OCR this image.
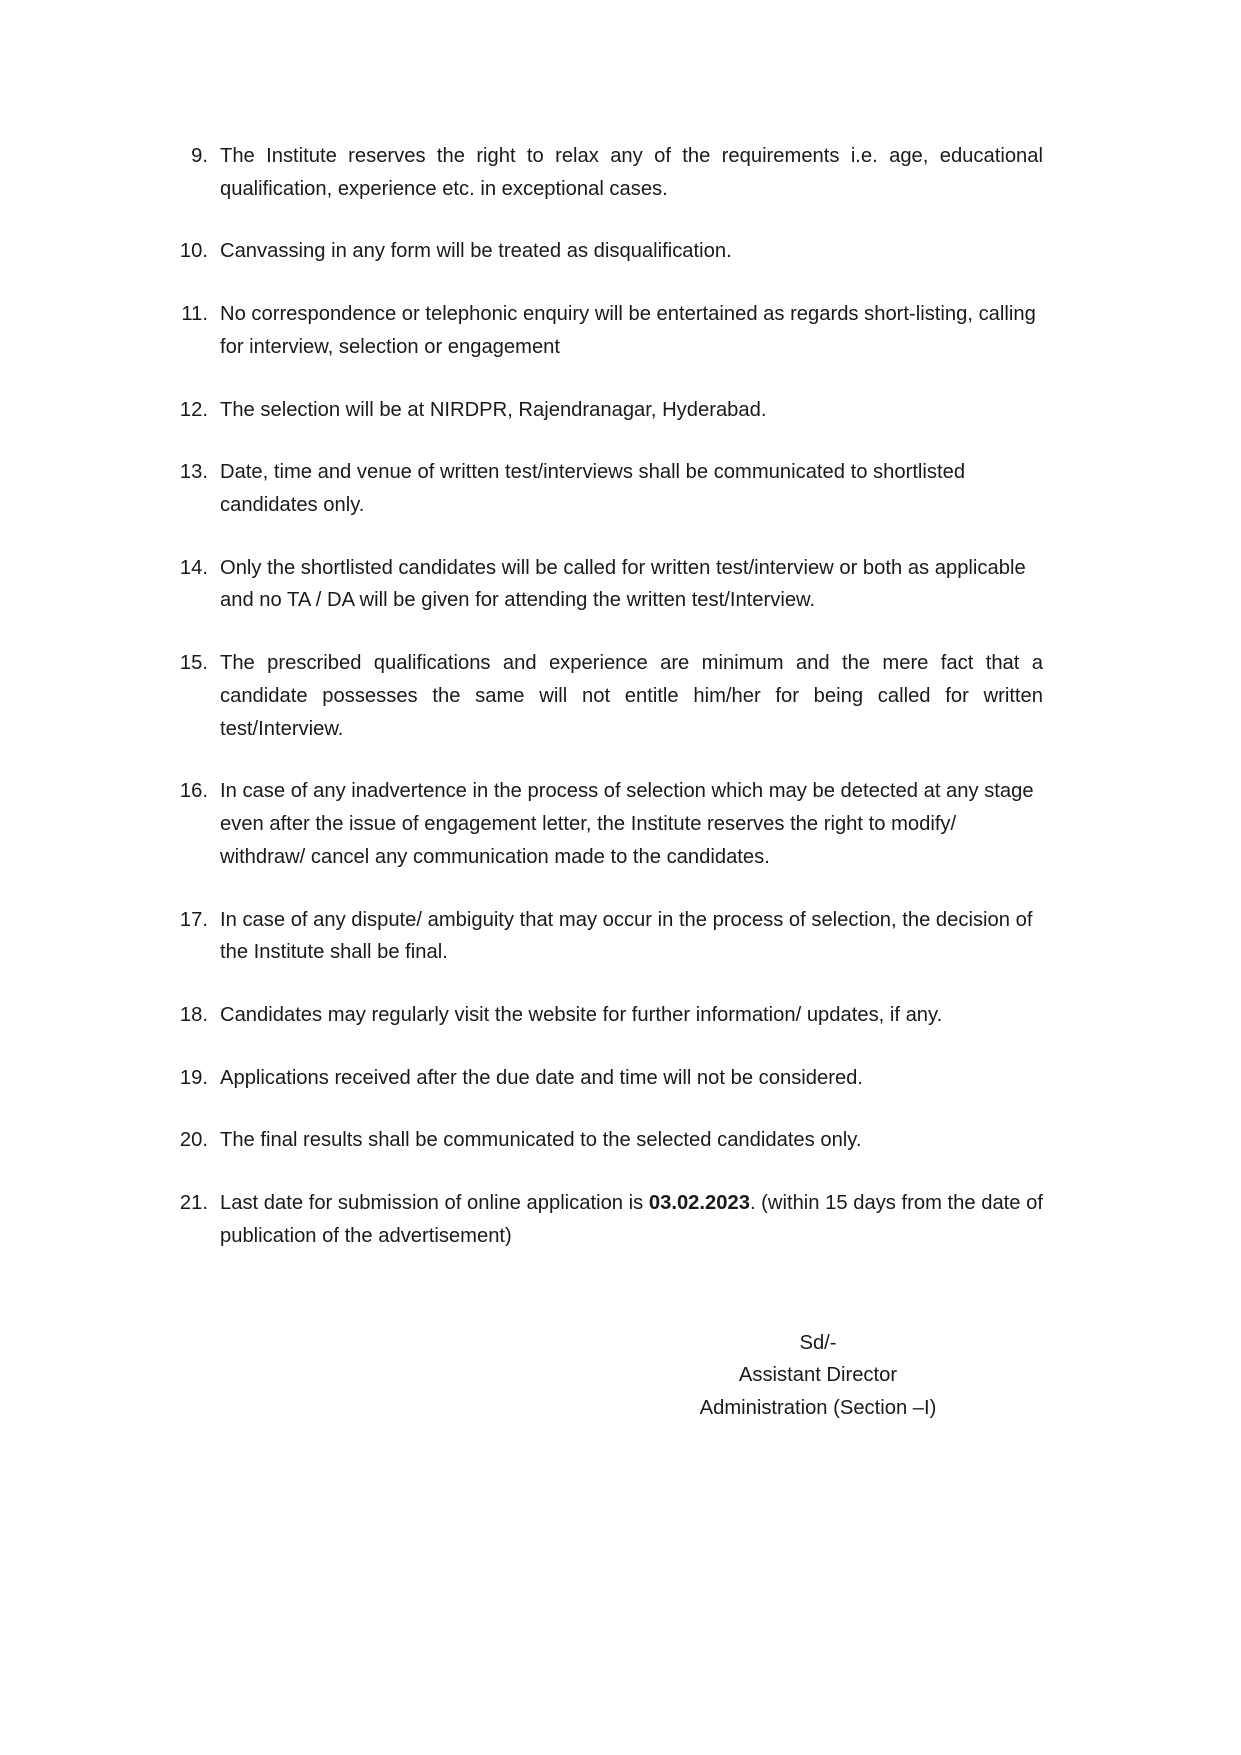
9. The Institute reserves the right to relax any of the requirements i.e. age, educational qualification, experience etc. in exceptional cases.
10. Canvassing in any form will be treated as disqualification.
11. No correspondence or telephonic enquiry will be entertained as regards short-listing, calling for interview, selection or engagement
12. The selection will be at NIRDPR, Rajendranagar, Hyderabad.
13. Date, time and venue of written test/interviews shall be communicated to shortlisted candidates only.
14. Only the shortlisted candidates will be called for written test/interview or both as applicable and no TA / DA will be given for attending the written test/Interview.
15. The prescribed qualifications and experience are minimum and the mere fact that a candidate possesses the same will not entitle him/her for being called for written test/Interview.
16. In case of any inadvertence in the process of selection which may be detected at any stage even after the issue of engagement letter, the Institute reserves the right to modify/ withdraw/ cancel any communication made to the candidates.
17. In case of any dispute/ ambiguity that may occur in the process of selection, the decision of the Institute shall be final.
18. Candidates may regularly visit the website for further information/ updates, if any.
19. Applications received after the due date and time will not be considered.
20. The final results shall be communicated to the selected candidates only.
21. Last date for submission of online application is 03.02.2023. (within 15 days from the date of publication of the advertisement)
Sd/-
Assistant Director
Administration (Section –I)
